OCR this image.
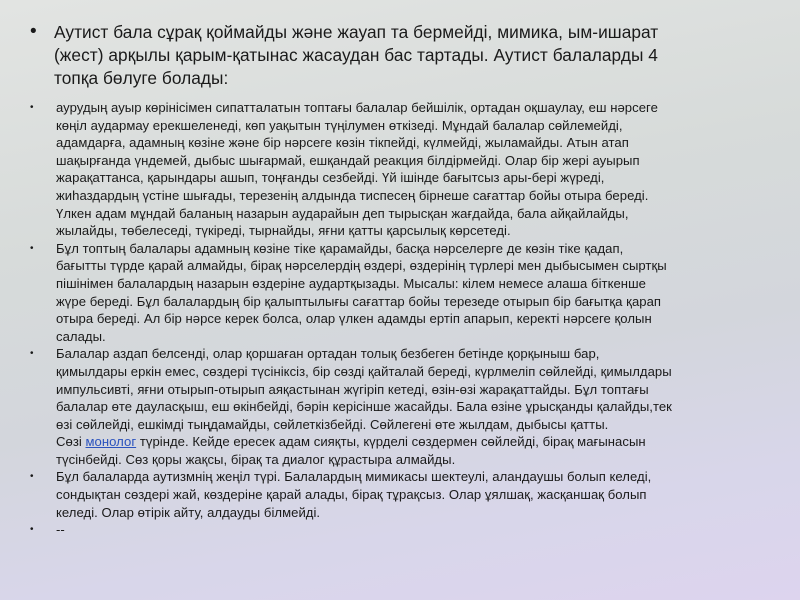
•	Аутист бала сұрақ қоймайды және жауап та бермейді, мимика, ым-ишарат
(жест) арқылы қарым-қатынас жасаудан бас тартады. Аутист балаларды 4
топқа бөлуге болады:
•	аурудың ауыр көрінісімен сипатталатын топтағы балалар бейшілік, ортадан оқшаулау, еш нәрсеге
көңіл аудармау ерекшеленеді, көп уақытын түңілумен өткізеді. Мұндай балалар сөйлемейді,
адамдарға, адамның көзіне және бір нәрсеге көзін тікпейді, күлмейді, жыламайды. Атын атап
шақырғанда үндемей, дыбыс шығармай, ешқандай реакция білдірмейді. Олар бір жері ауырып
жарақаттанса, қарындары ашып, тоңғанды сезбейді. Үй ішінде бағытсыз ары-бері жүреді,
жиһаздардың үстіне шығады, терезенің алдында тиспесең бірнеше сағаттар бойы отыра береді.
Үлкен адам мұндай баланың назарын аударайын деп тырысқан жағдайда, бала айқайлайды,
жылайды, төбелеседі, түкіреді, тырнайды, яғни қатты қарсылық көрсетеді.
•	Бұл топтың балалары адамның көзіне тіке қарамайды, басқа нәрселерге де көзін тіке қадап,
бағытты түрде қарай алмайды, бірақ нәрселердің өздері, өздерінің түрлері мен дыбысымен сыртқы
пішінімен балалардың назарын өздеріне аудартқызады. Мысалы: кілем немесе алаша біткенше
жүре береді. Бұл балалардың бір қалыптылығы сағаттар бойы терезеде отырып бір бағытқа қарап
отыра береді. Ал бір нәрсе керек болса, олар үлкен адамды ертіп апарып, керекті нәрсеге қолын
салады.
•	Балалар аздап белсенді, олар қоршаған ортадан толық безбеген бетінде қорқыныш бар,
қимылдары еркін емес, сөздері түсініксіз, бір сөзді қайталай береді, күрлмеліп сөйлейді, қимылдары
импульсивті, яғни отырып-отырып аяқастынан жүгіріп кетеді, өзін-өзі жарақаттайды. Бұл топтағы
балалар өте дауласқыш, еш өкінбейді, бәрін керісінше жасайды. Бала өзіне ұрысқанды қалайды,тек
өзі сөйлейді, ешкімді тыңдамайды, сөйлеткізбейді. Сөйлегені өте жылдам, дыбысы қатты.
Сөзі монолог түрінде. Кейде ересек адам сияқты, күрделі сөздермен сөйлейді, бірақ мағынасын
түсінбейді. Сөз қоры жақсы, бірақ та диалог құрастыра алмайды.
•	Бұл балаларда аутизмнің жеңіл түрі. Балалардың мимикасы шектеулі, аландаушы болып келеді,
сондықтан сөздері жай, көздеріне қарай алады, бірақ тұрақсыз. Олар ұялшақ, жасқаншақ болып
келеді. Олар өтірік айту, алдауды білмейді.
•	--
